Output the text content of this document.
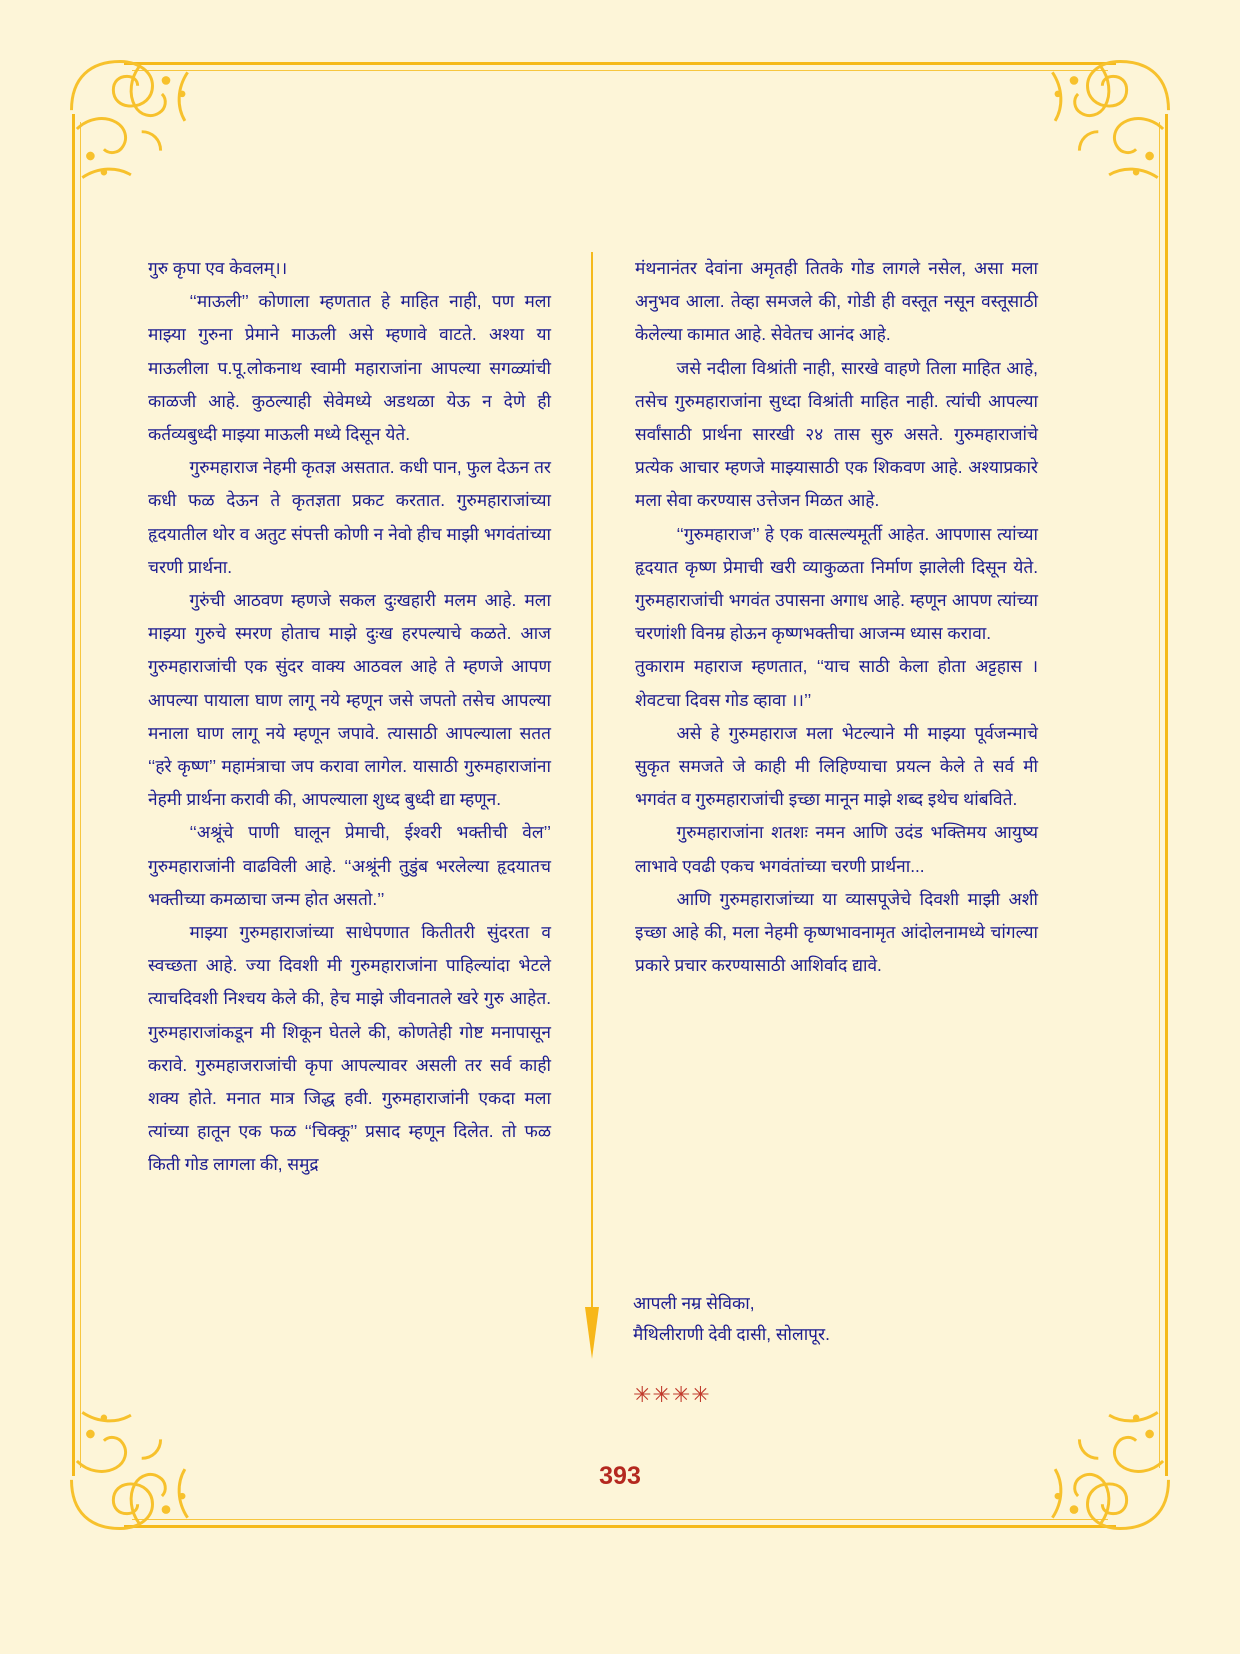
गुरु कृपा एव केवलम्।।

‘‘माऊली’’ कोणाला म्हणतात हे माहित नाही, पण मला माझ्या गुरुना प्रेमाने माऊली असे म्हणावे वाटते. अश्या या माऊलीला प.पू.लोकनाथ स्वामी महाराजांना आपल्या सगळ्यांची काळजी आहे. कुठल्याही सेवेमध्ये अडथळा येऊ न देणे ही कर्तव्यबुध्दी माझ्या माऊली मध्ये दिसून येते.

गुरुमहाराज नेहमी कृतज्ञ असतात. कधी पान, फुल देऊन तर कधी फळ देऊन ते कृतज्ञता प्रकट करतात. गुरुमहाराजांच्या हृदयातील थोर व अतुट संपत्ती कोणी न नेवो हीच माझी भगवंतांच्या चरणी प्रार्थना.

गुरुंची आठवण म्हणजे सकल दुःखहारी मलम आहे. मला माझ्या गुरुचे स्मरण होताच माझे दुःख हरपल्याचे कळते. आज गुरुमहाराजांची एक सुंदर वाक्य आठवल आहे ते म्हणजे आपण आपल्या पायाला घाण लागू नये म्हणून जसे जपतो तसेच आपल्या मनाला घाण लागू नये म्हणून जपावे. त्यासाठी आपल्याला सतत ‘‘हरे कृष्ण’’ महामंत्राचा जप करावा लागेल. यासाठी गुरुमहाराजांना नेहमी प्रार्थना करावी की, आपल्याला शुध्द बुध्दी द्या म्हणून.

‘‘अश्रूंचे पाणी घालून प्रेमाची, ईश्वरी भक्तीची वेल’’ गुरुमहाराजांनी वाढविली आहे. ‘‘अश्रूंनी तुडुंब भरलेल्या हृदयातच भक्तीच्या कमळाचा जन्म होत असतो.’’

माझ्या गुरुमहाराजांच्या साधेपणात कितीतरी सुंदरता व स्वच्छता आहे. ज्या दिवशी मी गुरुमहाराजांना पाहिल्यांदा भेटले त्याचदिवशी निश्चय केले की, हेच माझे जीवनातले खरे गुरु आहेत. गुरुमहाराजांकडून मी शिकून घेतले की, कोणतेही गोष्ट मनापासून करावे. गुरुमहाजराजांची कृपा आपल्यावर असली तर सर्व काही शक्य होते. मनात मात्र जिद्ध हवी. गुरुमहाराजांनी एकदा मला त्यांच्या हातून एक फळ ‘‘चिक्कू’’ प्रसाद म्हणून दिलेत. तो फळ किती गोड लागला की, समुद्र

मंथनानंतर देवांना अमृतही तितके गोड लागले नसेल, असा मला अनुभव आला. तेव्हा समजले की, गोडी ही वस्तूत नसून वस्तूसाठी केलेल्या कामात आहे. सेवेतच आनंद आहे.

जसे नदीला विश्रांती नाही, सारखे वाहणे तिला माहित आहे, तसेच गुरुमहाराजांना सुध्दा विश्रांती माहित नाही. त्यांची आपल्या सर्वांसाठी प्रार्थना सारखी २४ तास सुरु असते. गुरुमहाराजांचे प्रत्येक आचार म्हणजे माझ्यासाठी एक शिकवण आहे. अश्याप्रकारे मला सेवा करण्यास उत्तेजन मिळत आहे.

‘‘गुरुमहाराज’’ हे एक वात्सल्यमूर्ती आहेत. आपणास त्यांच्या हृदयात कृष्ण प्रेमाची खरी व्याकुळता निर्माण झालेली दिसून येते. गुरुमहाराजांची भगवंत उपासना अगाध आहे. म्हणून आपण त्यांच्या चरणांशी विनम्र होऊन कृष्णभक्तीचा आजन्म ध्यास करावा.

तुकाराम महाराज म्हणतात, ‘‘याच साठी केला होता अट्टहास । शेवटचा दिवस गोड व्हावा ।।’’

असे हे गुरुमहाराज मला भेटल्याने मी माझ्या पूर्वजन्माचे सुकृत समजते जे काही मी लिहिण्याचा प्रयत्न केले ते सर्व मी भगवंत व गुरुमहाराजांची इच्छा मानून माझे शब्द इथेच थांबविते.

गुरुमहाराजांना शतशः नमन आणि उदंड भक्तिमय आयुष्य लाभावे एवढी एकच भगवंतांच्या चरणी प्रार्थना...

आणि गुरुमहाराजांच्या या व्यासपूजेचे दिवशी माझी अशी इच्छा आहे की, मला नेहमी कृष्णभावनामृत आंदोलनामध्ये चांगल्या प्रकारे प्रचार करण्यासाठी आशिर्वाद द्यावे.

आपली नम्र सेविका,
मैथिलीराणी देवी दासी, सोलापूर.
✳✳✳✳
393
